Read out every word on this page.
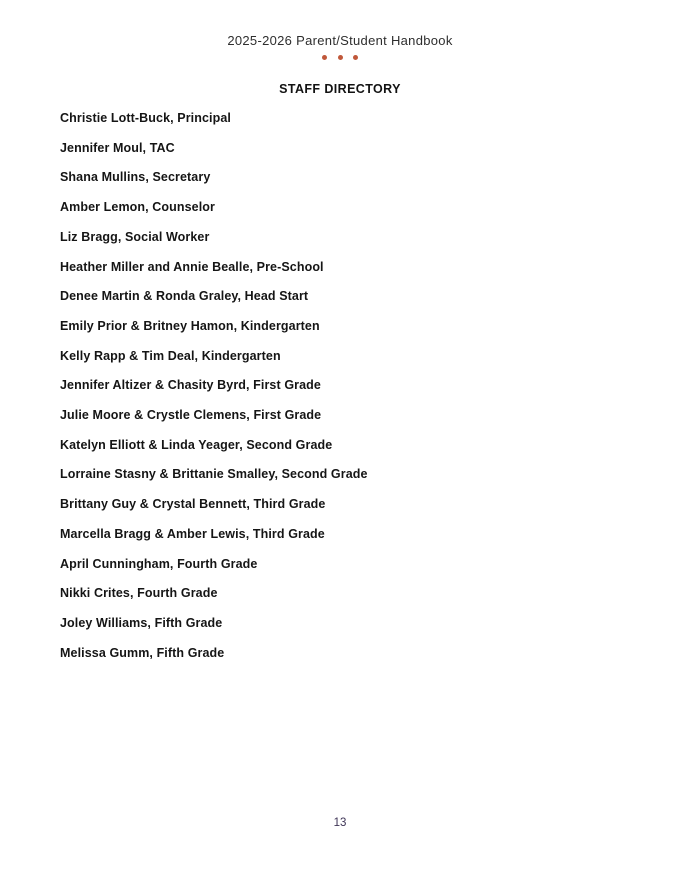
2025-2026 Parent/Student Handbook

STAFF DIRECTORY
Christie Lott-Buck, Principal
Jennifer Moul, TAC
Shana Mullins, Secretary
Amber Lemon, Counselor
Liz Bragg, Social Worker
Heather Miller and Annie Bealle, Pre-School
Denee Martin & Ronda Graley, Head Start
Emily Prior & Britney Hamon, Kindergarten
Kelly Rapp & Tim Deal, Kindergarten
Jennifer Altizer & Chasity Byrd, First Grade
Julie Moore & Crystle Clemens, First Grade
Katelyn Elliott & Linda Yeager, Second Grade
Lorraine Stasny & Brittanie Smalley, Second Grade
Brittany Guy & Crystal Bennett, Third Grade
Marcella Bragg & Amber Lewis, Third Grade
April Cunningham, Fourth Grade
Nikki Crites, Fourth Grade
Joley Williams, Fifth Grade
Melissa Gumm, Fifth Grade
13
